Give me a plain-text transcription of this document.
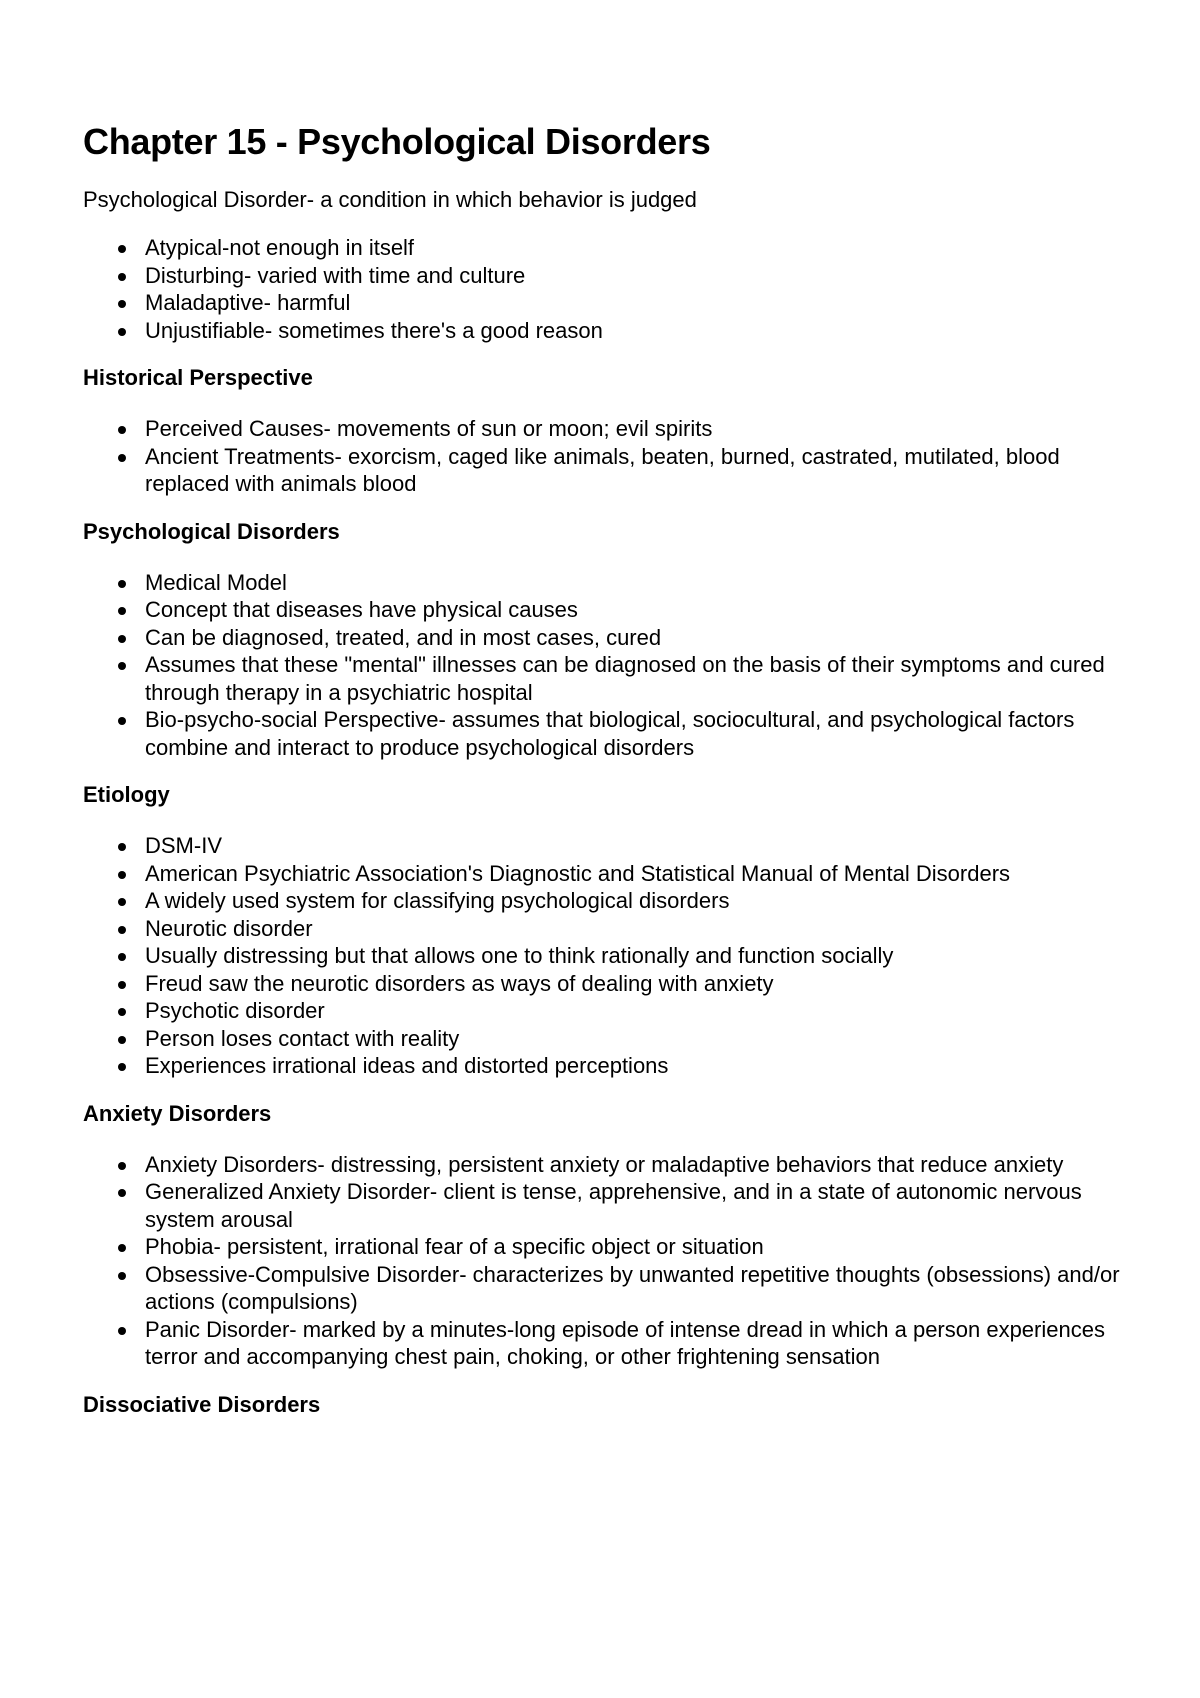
Chapter 15 - Psychological Disorders

Psychological Disorder- a condition in which behavior is judged

Atypical-not enough in itself
Disturbing- varied with time and culture
Maladaptive- harmful
Unjustifiable- sometimes there's a good reason
Historical Perspective
Perceived Causes- movements of sun or moon; evil spirits
Ancient Treatments- exorcism, caged like animals, beaten, burned, castrated, mutilated, blood replaced with animals blood
Psychological Disorders
Medical Model
Concept that diseases have physical causes
Can be diagnosed, treated, and in most cases, cured
Assumes that these "mental" illnesses can be diagnosed on the basis of their symptoms and cured through therapy in a psychiatric hospital
Bio-psycho-social Perspective- assumes that biological, sociocultural, and psychological factors combine and interact to produce psychological disorders
Etiology
DSM-IV
American Psychiatric Association's Diagnostic and Statistical Manual of Mental Disorders
A widely used system for classifying psychological disorders
Neurotic disorder
Usually distressing but that allows one to think rationally and function socially
Freud saw the neurotic disorders as ways of dealing with anxiety
Psychotic disorder
Person loses contact with reality
Experiences irrational ideas and distorted perceptions
Anxiety Disorders
Anxiety Disorders- distressing, persistent anxiety or maladaptive behaviors that reduce anxiety
Generalized Anxiety Disorder- client is tense, apprehensive, and in a state of autonomic nervous system arousal
Phobia- persistent, irrational fear of a specific object or situation
Obsessive-Compulsive Disorder- characterizes by unwanted repetitive thoughts (obsessions) and/or actions (compulsions)
Panic Disorder- marked by a minutes-long episode of intense dread in which a person experiences terror and accompanying chest pain, choking, or other frightening sensation
Dissociative Disorders
